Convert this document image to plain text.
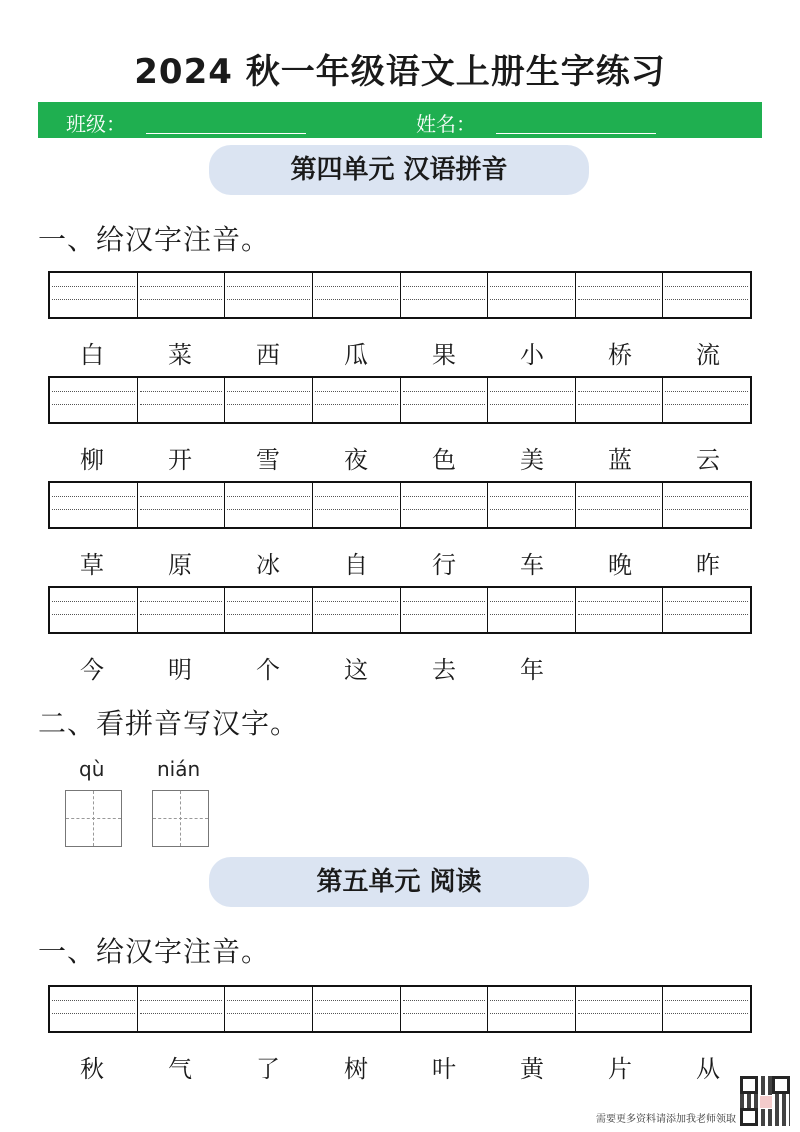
2024 秋一年级语文上册生字练习
班级：	姓名：
第四单元 汉语拼音
一、给汉字注音。
白	菜	西	瓜	果	小	桥	流
柳	开	雪	夜	色	美	蓝	云
草	原	冰	自	行	车	晚	昨
今	明	个	这	去	年
二、看拼音写汉字。
qù	nián
第五单元 阅读
一、给汉字注音。
秋	气	了	树	叶	黄	片	从
需要更多资料请添加我老师领取
